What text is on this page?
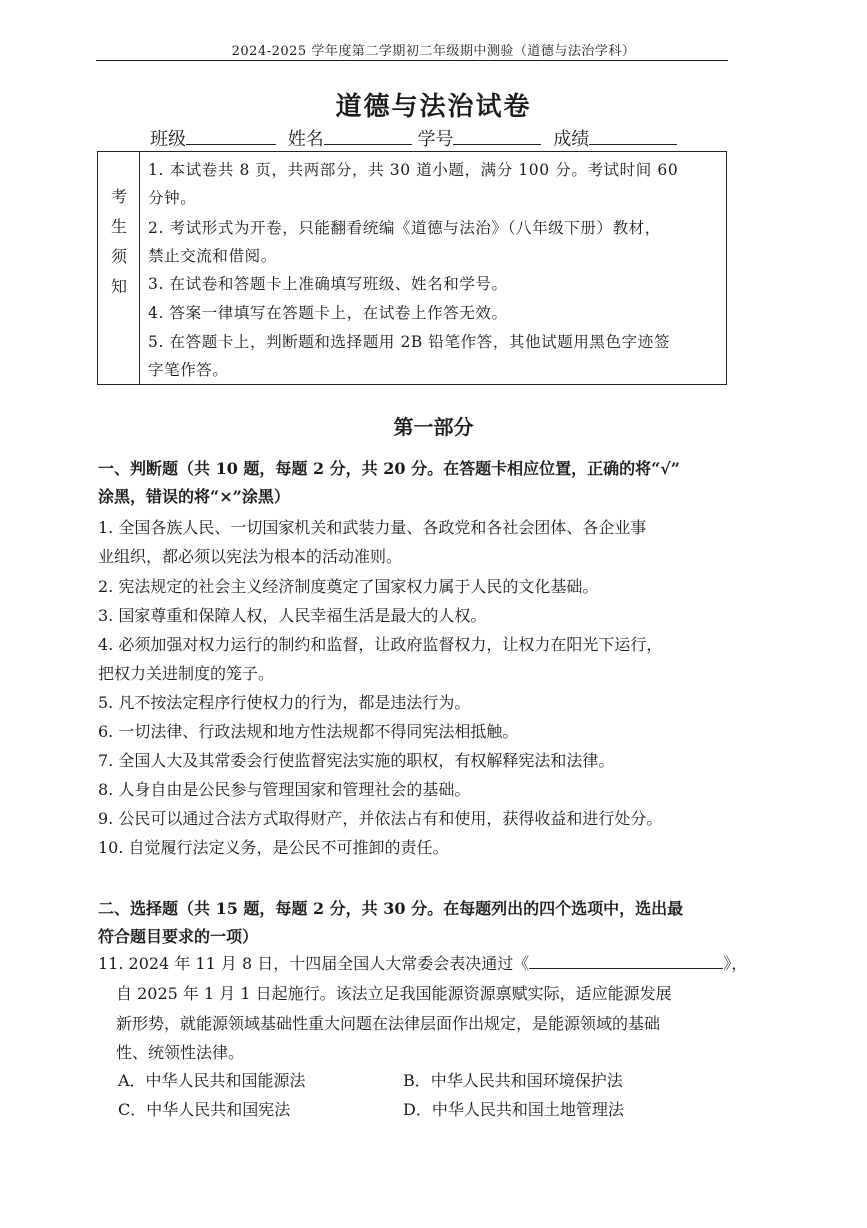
2024-2025 学年度第二学期初二年级期中测验（道德与法治学科）
道德与法治试卷
班级	姓名	学号	成绩
考
生
须
知
1. 本试卷共 8 页，共两部分，共 30 道小题，满分 100 分。考试时间 60
分钟。
2. 考试形式为开卷，只能翻看统编《道德与法治》（八年级下册）教材，
禁止交流和借阅。
3. 在试卷和答题卡上准确填写班级、姓名和学号。
4. 答案一律填写在答题卡上，在试卷上作答无效。
5. 在答题卡上，判断题和选择题用 2B 铅笔作答，其他试题用黑色字迹签
字笔作答。
第一部分
一、判断题（共 10 题，每题 2 分，共 20 分。在答题卡相应位置，正确的将“√”
涂黑，错误的将“×”涂黑）
1. 全国各族人民、一切国家机关和武装力量、各政党和各社会团体、各企业事
业组织，都必须以宪法为根本的活动准则。
2. 宪法规定的社会主义经济制度奠定了国家权力属于人民的文化基础。
3. 国家尊重和保障人权，人民幸福生活是最大的人权。
4. 必须加强对权力运行的制约和监督，让政府监督权力，让权力在阳光下运行，
把权力关进制度的笼子。
5. 凡不按法定程序行使权力的行为，都是违法行为。
6. 一切法律、行政法规和地方性法规都不得同宪法相抵触。
7. 全国人大及其常委会行使监督宪法实施的职权，有权解释宪法和法律。
8. 人身自由是公民参与管理国家和管理社会的基础。
9. 公民可以通过合法方式取得财产，并依法占有和使用，获得收益和进行处分。
10. 自觉履行法定义务，是公民不可推卸的责任。
二、选择题（共 15 题，每题 2 分，共 30 分。在每题列出的四个选项中，选出最
符合题目要求的一项）
11. 2024 年 11 月 8 日，十四届全国人大常委会表决通过《	》，
自 2025 年 1 月 1 日起施行。该法立足我国能源资源禀赋实际，适应能源发展
新形势，就能源领域基础性重大问题在法律层面作出规定，是能源领域的基础
性、统领性法律。
A．中华人民共和国能源法	B．中华人民共和国环境保护法
C．中华人民共和国宪法	D．中华人民共和国土地管理法
